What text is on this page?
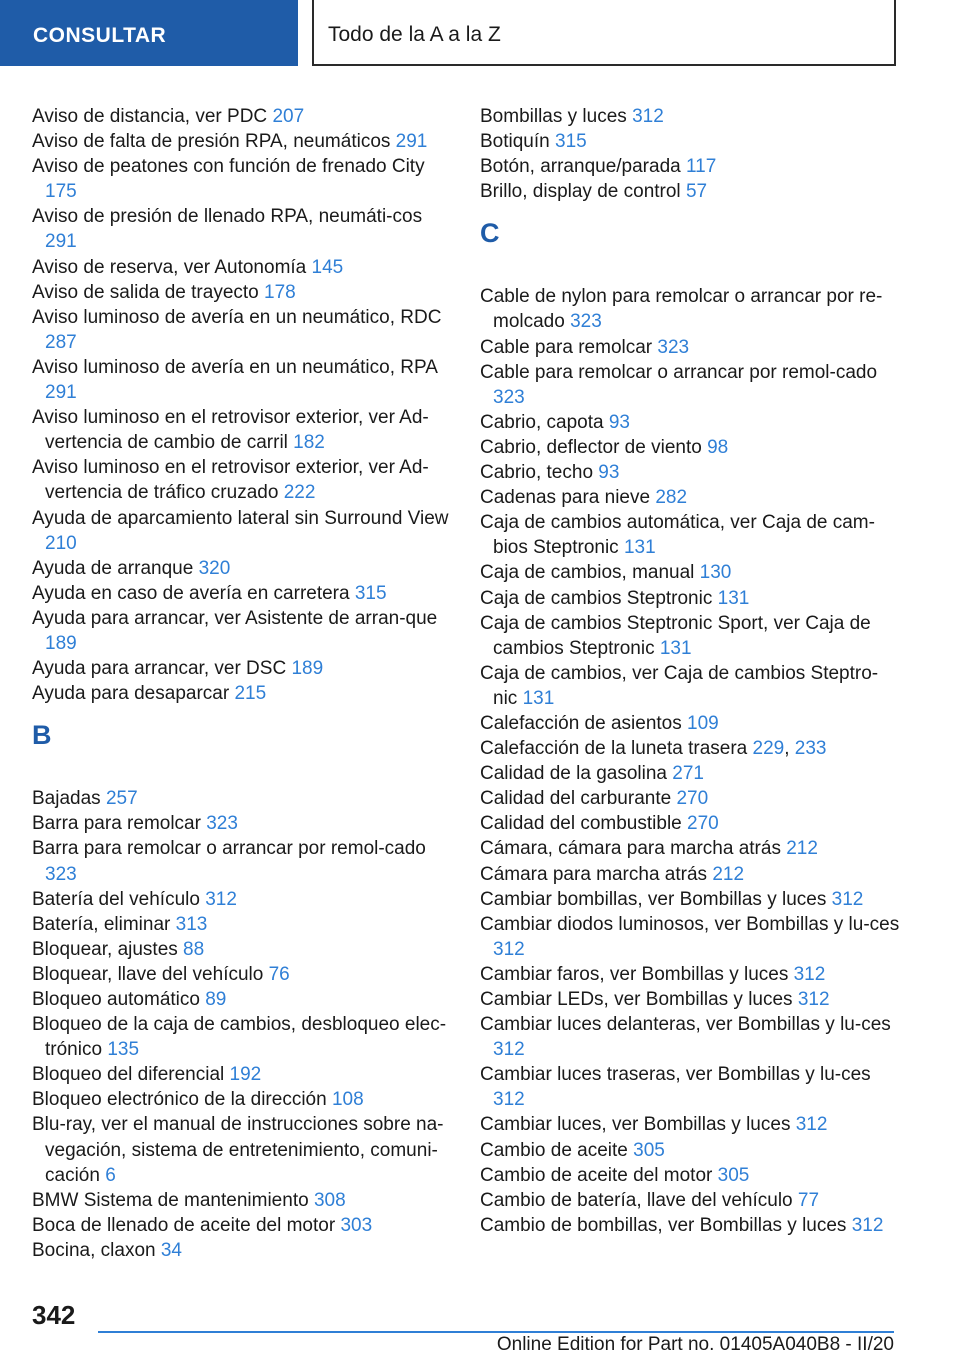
CONSULTAR	Todo de la A a la Z
Aviso de distancia, ver PDC 207
Aviso de falta de presión RPA, neumáticos 291
Aviso de peatones con función de frenado City 175
Aviso de presión de llenado RPA, neumáti-cos 291
Aviso de reserva, ver Autonomía 145
Aviso de salida de trayecto 178
Aviso luminoso de avería en un neumático, RDC 287
Aviso luminoso de avería en un neumático, RPA 291
Aviso luminoso en el retrovisor exterior, ver Ad-vertencia de cambio de carril 182
Aviso luminoso en el retrovisor exterior, ver Ad-vertencia de tráfico cruzado 222
Ayuda de aparcamiento lateral sin Surround View 210
Ayuda de arranque 320
Ayuda en caso de avería en carretera 315
Ayuda para arrancar, ver Asistente de arran-que 189
Ayuda para arrancar, ver DSC 189
Ayuda para desaparcar 215
B
Bajadas 257
Barra para remolcar 323
Barra para remolcar o arrancar por remol-cado 323
Batería del vehículo 312
Batería, eliminar 313
Bloquear, ajustes 88
Bloquear, llave del vehículo 76
Bloqueo automático 89
Bloqueo de la caja de cambios, desbloqueo elec-trónico 135
Bloqueo del diferencial 192
Bloqueo electrónico de la dirección 108
Blu-ray, ver el manual de instrucciones sobre na-vegación, sistema de entretenimiento, comuni-cación 6
BMW Sistema de mantenimiento 308
Boca de llenado de aceite del motor 303
Bocina, claxon 34
Bombillas y luces 312
Botiquín 315
Botón, arranque/parada 117
Brillo, display de control 57
C
Cable de nylon para remolcar o arrancar por re-molcado 323
Cable para remolcar 323
Cable para remolcar o arrancar por remol-cado 323
Cabrio, capota 93
Cabrio, deflector de viento 98
Cabrio, techo 93
Cadenas para nieve 282
Caja de cambios automática, ver Caja de cam-bios Steptronic 131
Caja de cambios, manual 130
Caja de cambios Steptronic 131
Caja de cambios Steptronic Sport, ver Caja de cambios Steptronic 131
Caja de cambios, ver Caja de cambios Steptro-nic 131
Calefacción de asientos 109
Calefacción de la luneta trasera 229, 233
Calidad de la gasolina 271
Calidad del carburante 270
Calidad del combustible 270
Cámara, cámara para marcha atrás 212
Cámara para marcha atrás 212
Cambiar bombillas, ver Bombillas y luces 312
Cambiar diodos luminosos, ver Bombillas y lu-ces 312
Cambiar faros, ver Bombillas y luces 312
Cambiar LEDs, ver Bombillas y luces 312
Cambiar luces delanteras, ver Bombillas y lu-ces 312
Cambiar luces traseras, ver Bombillas y lu-ces 312
Cambiar luces, ver Bombillas y luces 312
Cambio de aceite 305
Cambio de aceite del motor 305
Cambio de batería, llave del vehículo 77
Cambio de bombillas, ver Bombillas y luces 312
342
Online Edition for Part no. 01405A040B8 - II/20
